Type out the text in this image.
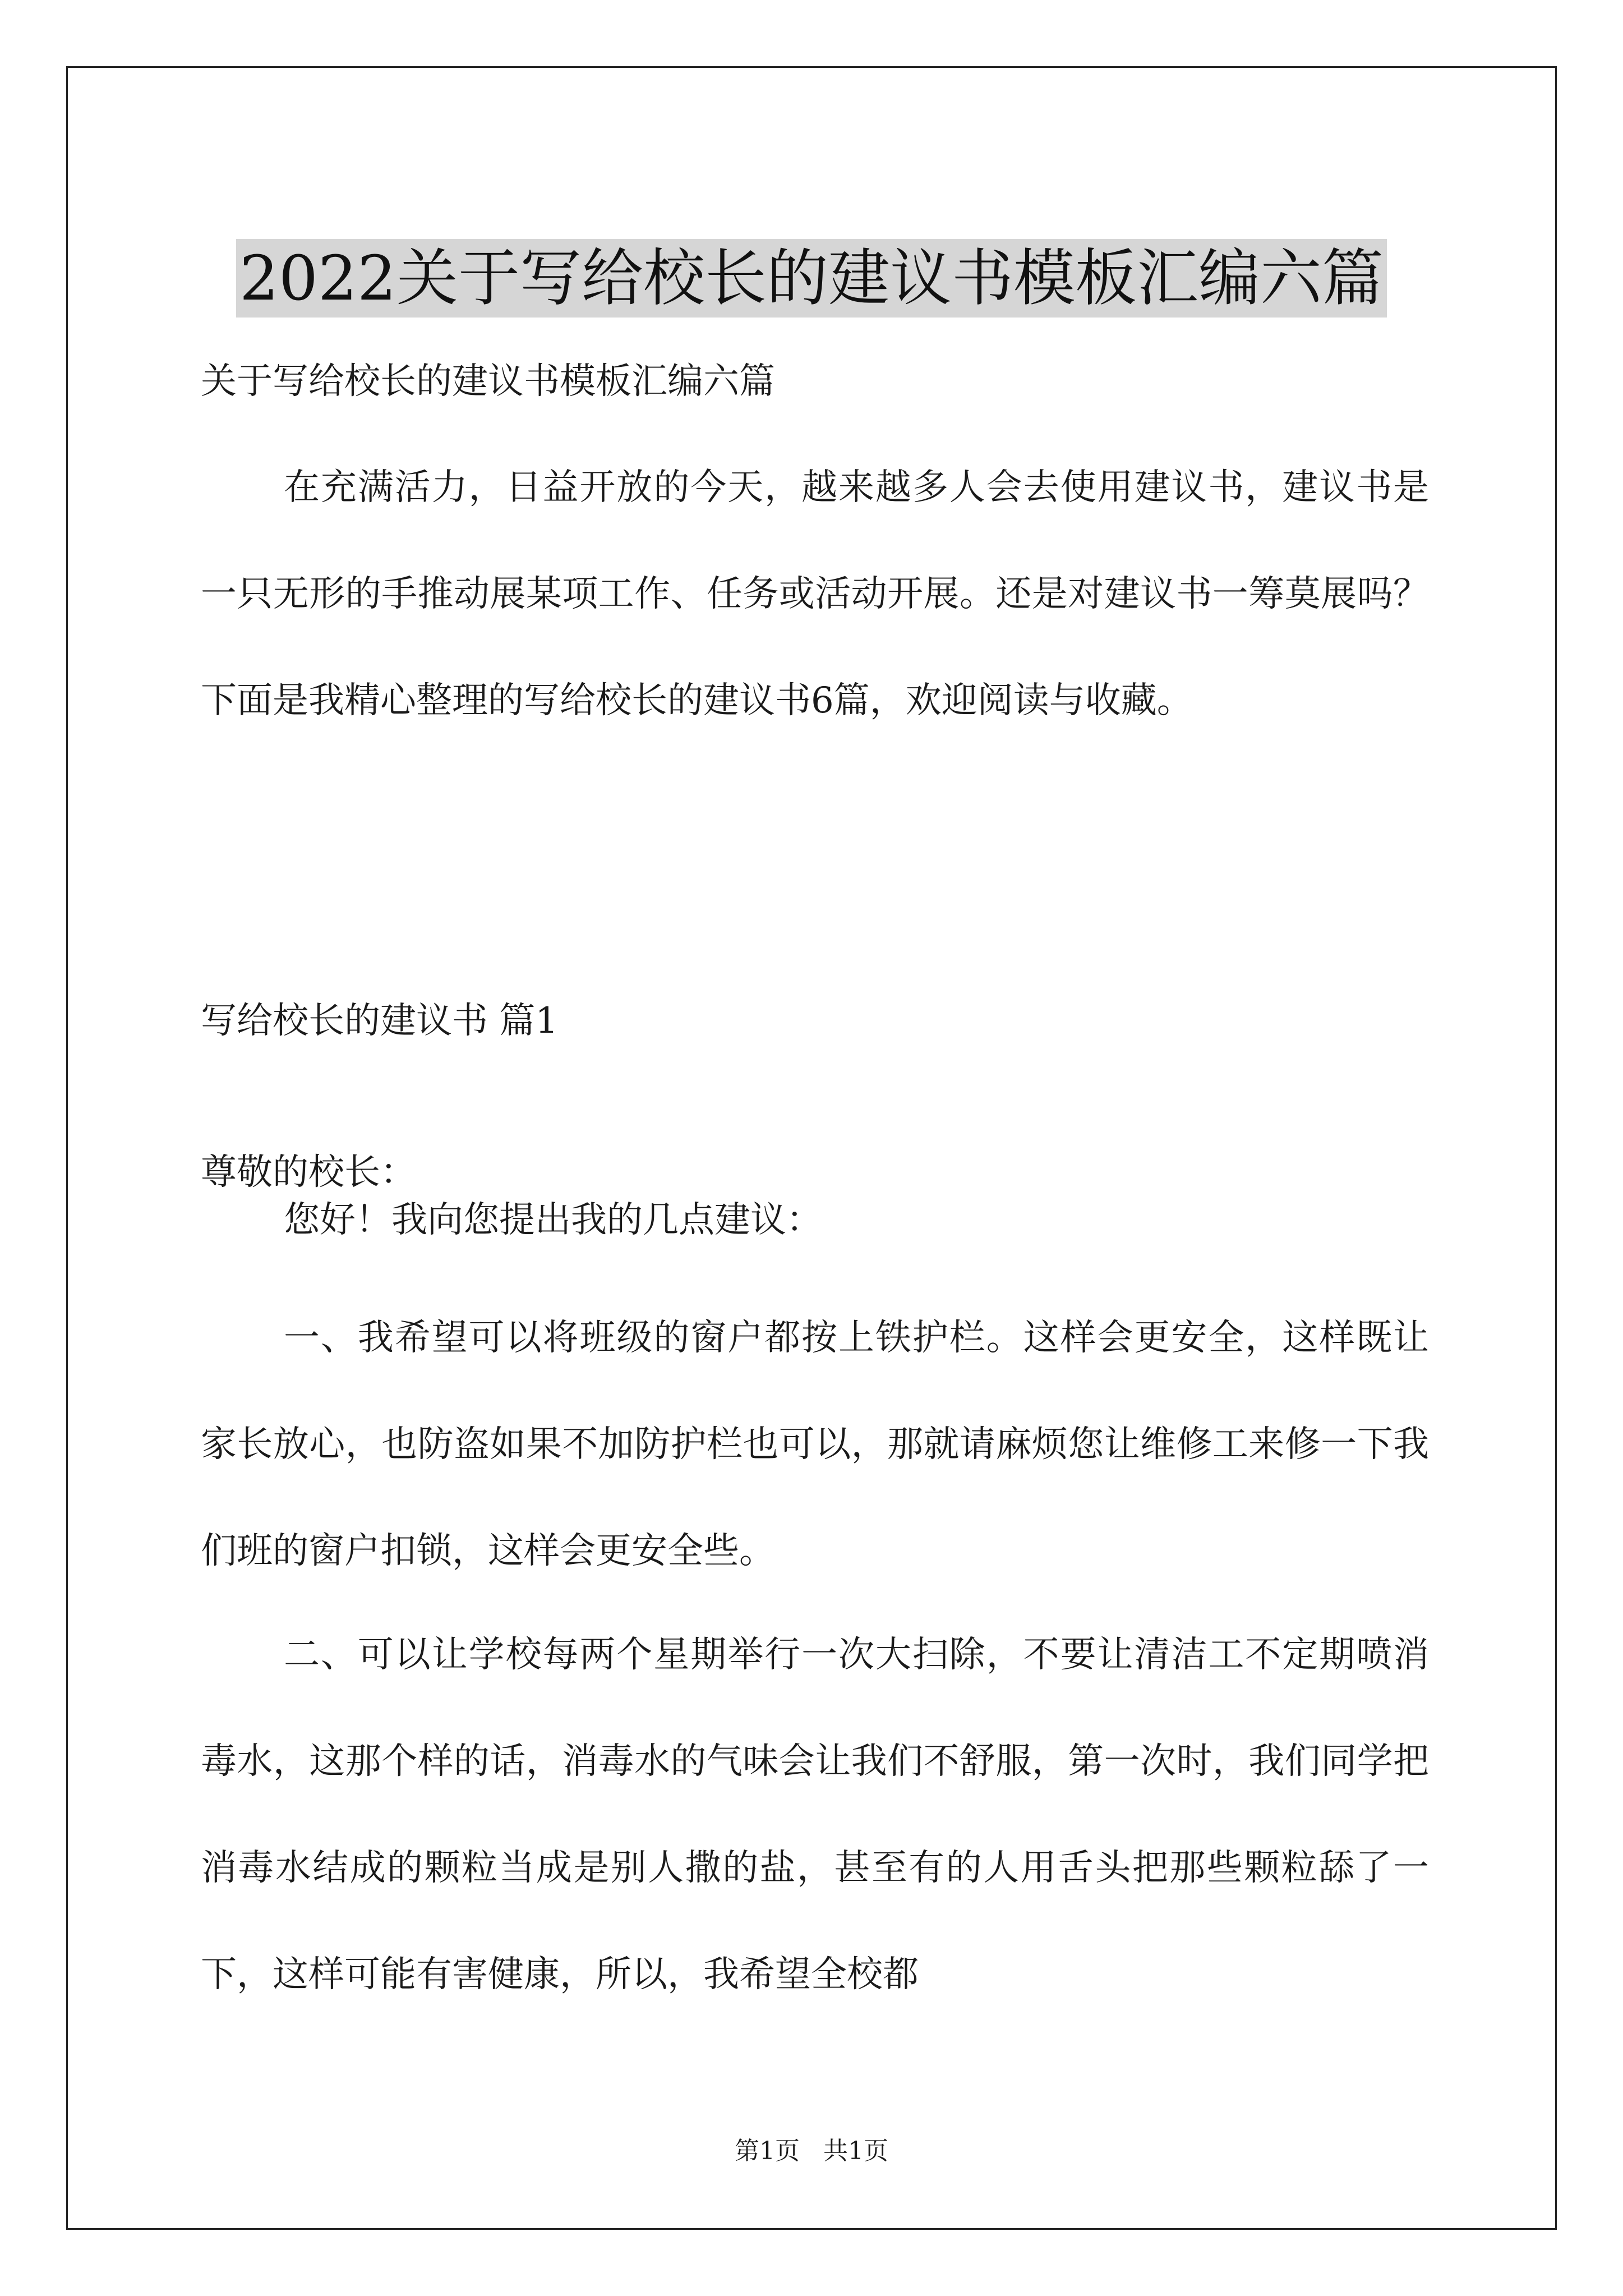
2022关于写给校长的建议书模板汇编六篇
关于写给校长的建议书模板汇编六篇

在充满活力，日益开放的今天，越来越多人会去使用建议书，建议书是一只无形的手推动展某项工作、任务或活动开展。还是对建议书一筹莫展吗？下面是我精心整理的写给校长的建议书6篇，欢迎阅读与收藏。

写给校长的建议书 篇1
尊敬的校长：

您好！我向您提出我的几点建议：

一、我希望可以将班级的窗户都按上铁护栏。这样会更安全，这样既让家长放心，也防盗如果不加防护栏也可以，那就请麻烦您让维修工来修一下我们班的窗户扣锁，这样会更安全些。

二、可以让学校每两个星期举行一次大扫除，不要让清洁工不定期喷消毒水，这那个样的话，消毒水的气味会让我们不舒服，第一次时，我们同学把消毒水结成的颗粒当成是别人撒的盐，甚至有的人用舌头把那些颗粒舔了一下，这样可能有害健康，所以，我希望全校都

第1页 共1页
